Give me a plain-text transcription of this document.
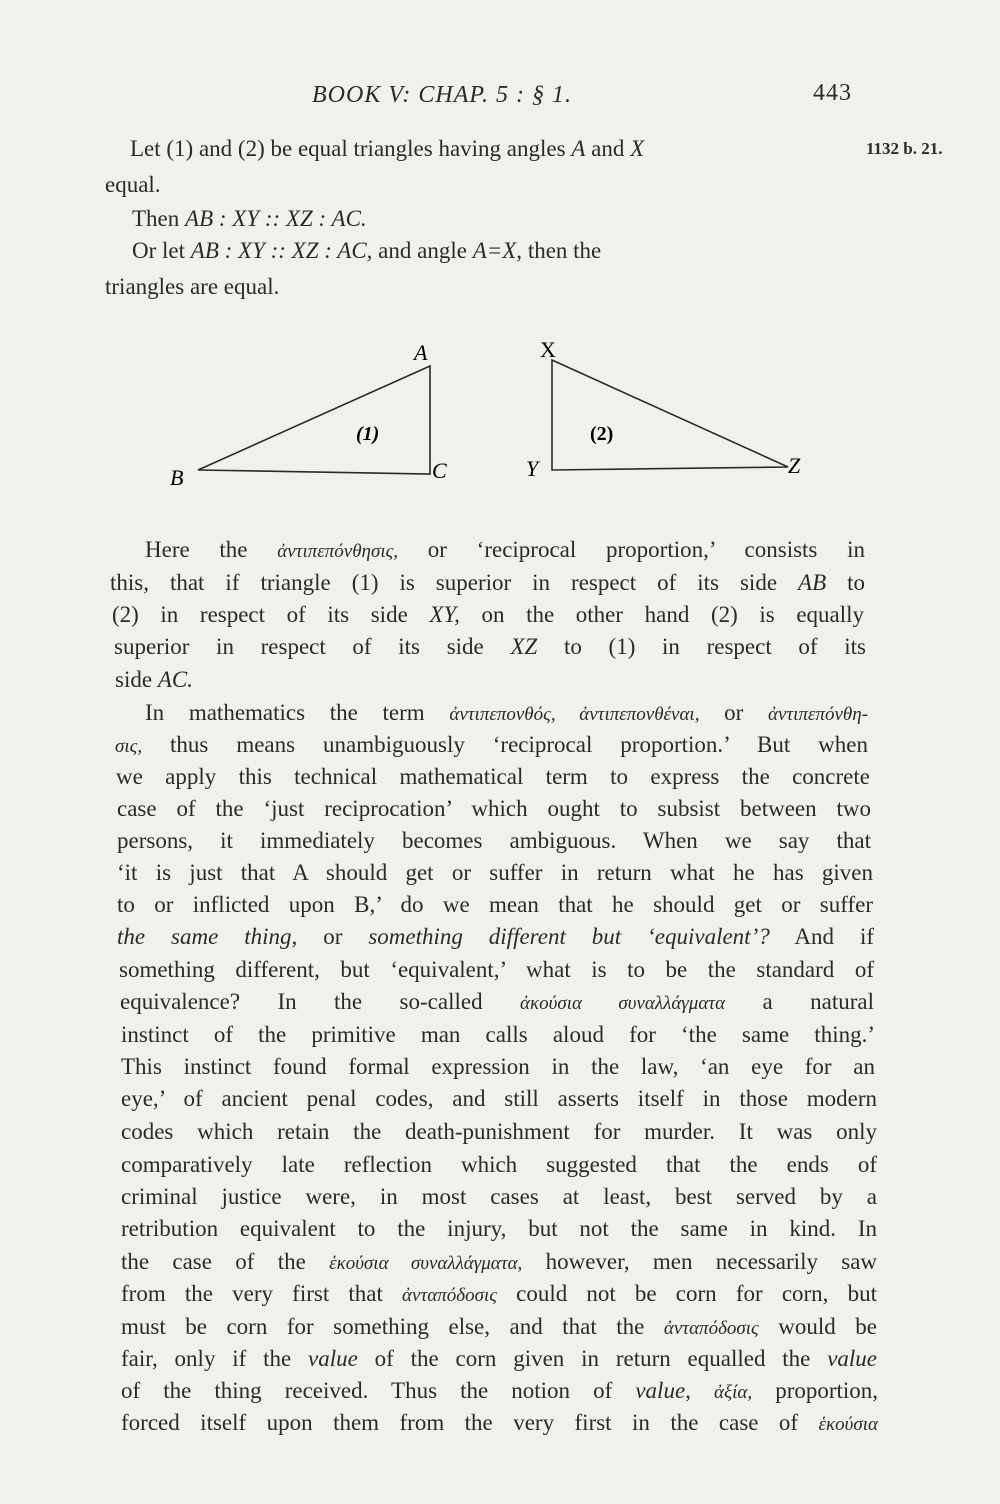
BOOK V: CHAP. 5 : § 1.	443
1132 b. 21.
Let (1) and (2) be equal triangles having angles A and X
equal.
Then AB : XY :: XZ : AC.
Or let AB : XY :: XZ : AC, and angle A=X, then the
triangles are equal.
A
B	C
(1)
X
Y	Z
(2)
Here the ἀντιπεπόνθησις, or ‘reciprocal proportion,’ consists in
this, that if triangle (1) is superior in respect of its side AB to
(2) in respect of its side XY, on the other hand (2) is equally
superior in respect of its side XZ to (1) in respect of its
side AC.
In mathematics the term ἀντιπεπονθός, ἀντιπεπονθέναι, or ἀντιπεπόνθη-
σις, thus means unambiguously ‘reciprocal proportion.’ But when
we apply this technical mathematical term to express the concrete
case of the ‘just reciprocation’ which ought to subsist between two
persons, it immediately becomes ambiguous. When we say that
‘it is just that A should get or suffer in return what he has given
to or inflicted upon B,’ do we mean that he should get or suffer
the same thing, or something different but ‘equivalent’? And if
something different, but ‘equivalent,’ what is to be the standard of
equivalence? In the so-called ἀκούσια συναλλάγματα a natural
instinct of the primitive man calls aloud for ‘the same thing.’
This instinct found formal expression in the law, ‘an eye for an
eye,’ of ancient penal codes, and still asserts itself in those modern
codes which retain the death-punishment for murder. It was only
comparatively late reflection which suggested that the ends of
criminal justice were, in most cases at least, best served by a
retribution equivalent to the injury, but not the same in kind. In
the case of the ἑκούσια συναλλάγματα, however, men necessarily saw
from the very first that ἀνταπόδοσις could not be corn for corn, but
must be corn for something else, and that the ἀνταπόδοσις would be
fair, only if the value of the corn given in return equalled the value
of the thing received. Thus the notion of value, ἀξία, proportion,
forced itself upon them from the very first in the case of ἑκούσια
